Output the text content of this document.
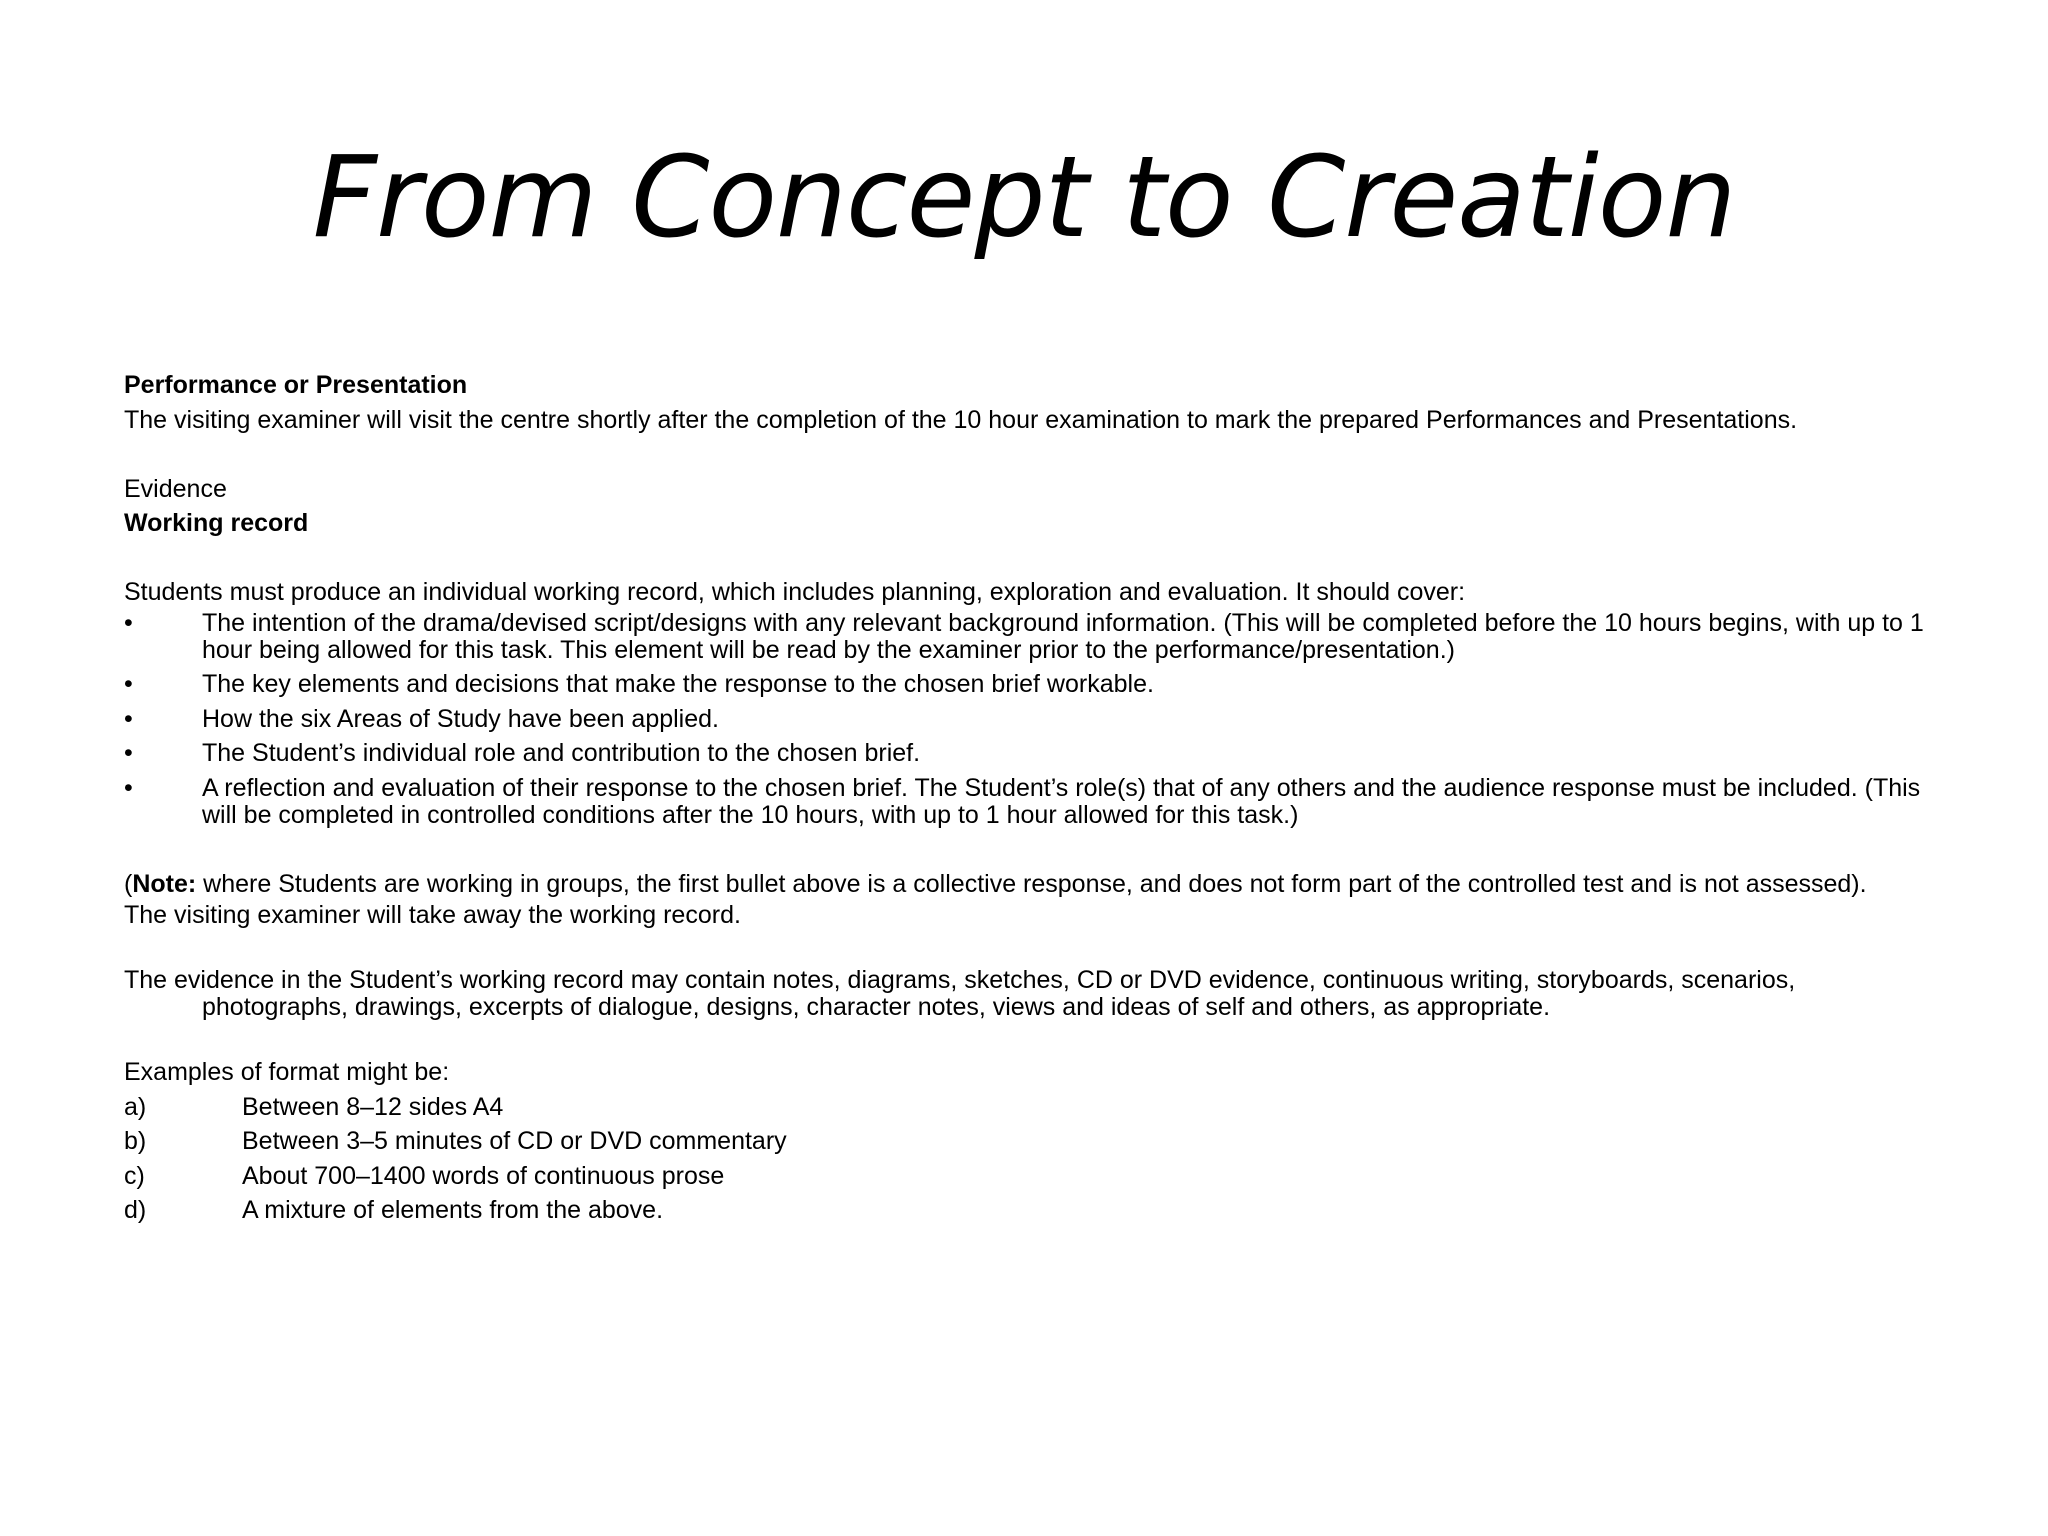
From Concept to Creation

Performance or Presentation

The visiting examiner will visit the centre shortly after the completion of the 10 hour examination to mark the prepared Performances and Presentations.

Evidence

Working record

Students must produce an individual working record, which includes planning, exploration and evaluation. It should cover:

•	The intention of the drama/devised script/designs with any relevant background information. (This will be completed before the 10 hours begins, with up to 1 hour being allowed for this task. This element will be read by the examiner prior to the performance/presentation.)
•	The key elements and decisions that make the response to the chosen brief workable.
•	How the six Areas of Study have been applied.
•	The Student’s individual role and contribution to the chosen brief.
•	A reflection and evaluation of their response to the chosen brief. The Student’s role(s) that of any others and the audience response must be included. (This will be completed in controlled conditions after the 10 hours, with up to 1 hour allowed for this task.)

(Note: where Students are working in groups, the first bullet above is a collective response, and does not form part of the controlled test and is not assessed).

The visiting examiner will take away the working record.

The evidence in the Student’s working record may contain notes, diagrams, sketches, CD or DVD evidence, continuous writing, storyboards, scenarios, photographs, drawings, excerpts of dialogue, designs, character notes, views and ideas of self and others, as appropriate.

Examples of format might be:

a)	Between 8–12 sides A4
b)	Between 3–5 minutes of CD or DVD commentary
c)	About 700–1400 words of continuous prose
d)	A mixture of elements from the above.
